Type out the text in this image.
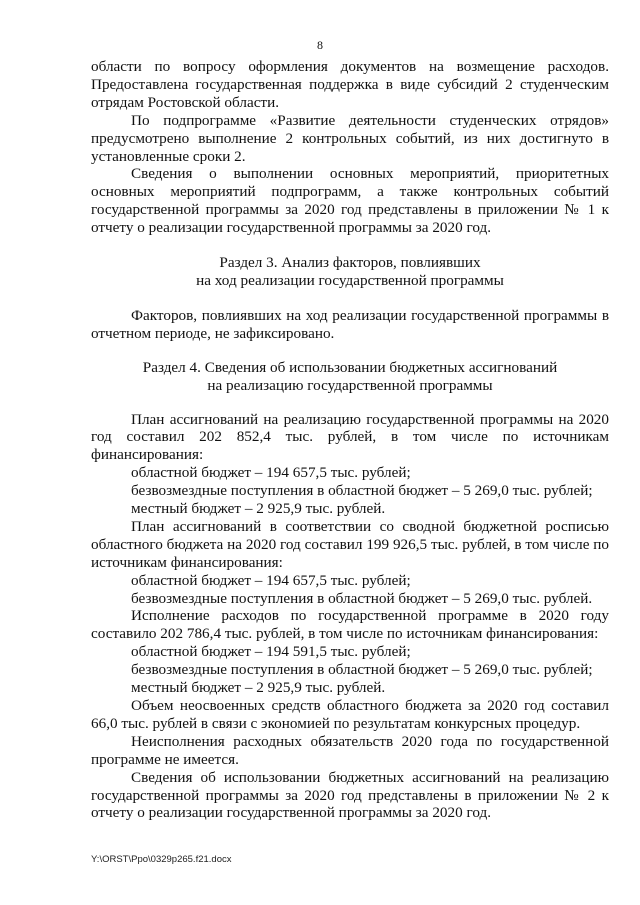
8

области по вопросу оформления документов на возмещение расходов. Предоставлена государственная поддержка в виде субсидий 2 студенческим отрядам Ростовской области.

По подпрограмме «Развитие деятельности студенческих отрядов» предусмотрено выполнение 2 контрольных событий, из них достигнуто в установленные сроки 2.

Сведения о выполнении основных мероприятий, приоритетных основных мероприятий подпрограмм, а также контрольных событий государственной программы за 2020 год представлены в приложении № 1 к отчету о реализации государственной программы за 2020 год.

Раздел 3. Анализ факторов, повлиявших

на ход реализации государственной программы

Факторов, повлиявших на ход реализации государственной программы в отчетном периоде, не зафиксировано.

Раздел 4. Сведения об использовании бюджетных ассигнований

на реализацию государственной программы

План ассигнований на реализацию государственной программы на 2020 год составил 202 852,4 тыс. рублей, в том числе по источникам финансирования:

областной бюджет – 194 657,5 тыс. рублей;

безвозмездные поступления в областной бюджет – 5 269,0 тыс. рублей;

местный бюджет – 2 925,9 тыс. рублей.

План ассигнований в соответствии со сводной бюджетной росписью областного бюджета на 2020 год составил 199 926,5 тыс. рублей, в том числе по источникам финансирования:

областной бюджет – 194 657,5 тыс. рублей;

безвозмездные поступления в областной бюджет – 5 269,0 тыс. рублей.

Исполнение расходов по государственной программе в 2020 году составило 202 786,4 тыс. рублей, в том числе по источникам финансирования:

областной бюджет – 194 591,5 тыс. рублей;

безвозмездные поступления в областной бюджет – 5 269,0 тыс. рублей;

местный бюджет – 2 925,9 тыс. рублей.

Объем неосвоенных средств областного бюджета за 2020 год составил 66,0 тыс. рублей в связи с экономией по результатам конкурсных процедур.

Неисполнения расходных обязательств 2020 года по государственной программе не имеется.

Сведения об использовании бюджетных ассигнований на реализацию государственной программы за 2020 год представлены в приложении № 2 к отчету о реализации государственной программы за 2020 год.

Y:\ORST\Ppo\0329p265.f21.docx
